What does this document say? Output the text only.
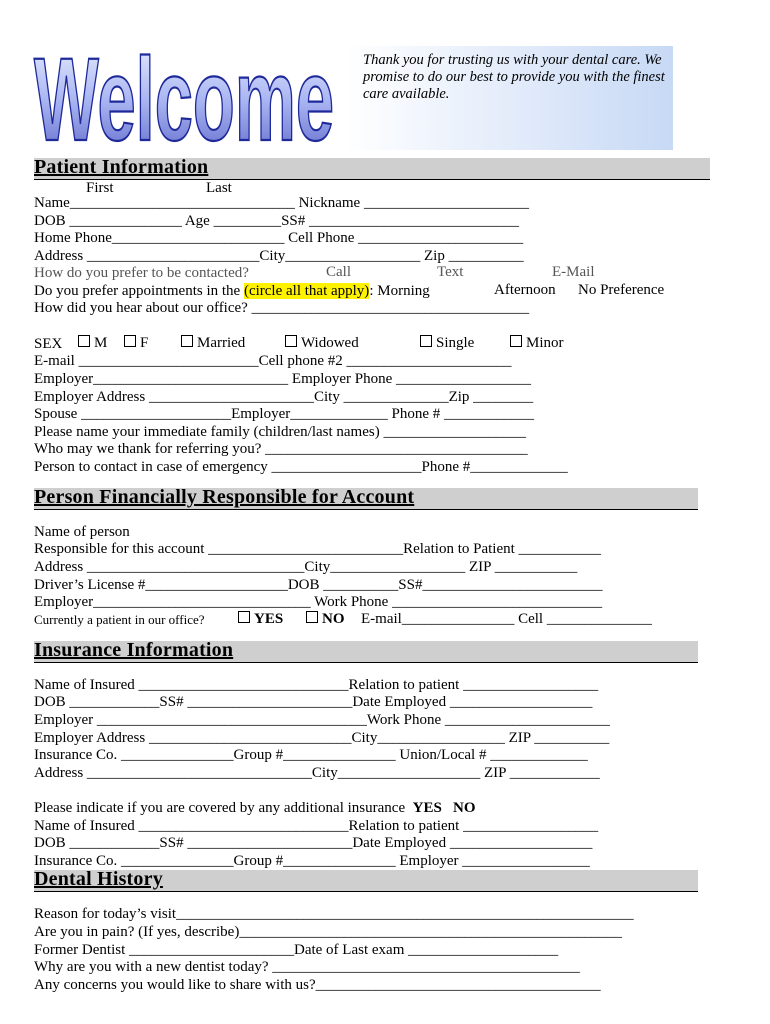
Welcome	Thank you for trusting us with your dental care. We promise to do our best to provide you with the finest care available.
Patient Information
First	Last
Name______________________________ Nickname ______________________
DOB _______________ Age _________SS# ____________________________
Home Phone_______________________ Cell Phone ______________________
Address _______________________City__________________ Zip __________
How do you prefer to be contacted?	Call	Text	E-Mail
Do you prefer appointments in the (circle all that apply): Morning	Afternoon No Preference
How did you hear about our office? _____________________________________
SEX	M	F	Married	Widowed	Single	Minor
E-mail ________________________Cell phone #2 ______________________
Employer__________________________ Employer Phone __________________
Employer Address ______________________City ______________Zip ________
Spouse ____________________Employer_____________ Phone # ____________
Please name your immediate family (children/last names) ___________________
Who may we thank for referring you? ___________________________________
Person to contact in case of emergency ____________________Phone #_____________
Person Financially Responsible for Account
Name of person
Responsible for this account __________________________Relation to Patient ___________
Address _____________________________City__________________ ZIP ___________
Driver’s License #___________________DOB __________SS#________________________
Employer_____________________________ Work Phone ____________________________
Currently a patient in our office?	YES	NO E-mail_______________ Cell ______________
Insurance Information
Name of Insured ____________________________Relation to patient __________________
DOB ____________SS# ______________________Date Employed ___________________
Employer ____________________________________Work Phone ______________________
Employer Address ___________________________City_________________ ZIP __________
Insurance Co. _______________Group #_______________ Union/Local # _____________
Address ______________________________City___________________ ZIP ____________
Please indicate if you are covered by any additional insurance YES NO
Name of Insured ____________________________Relation to patient __________________
DOB ____________SS# ______________________Date Employed ___________________
Insurance Co. _______________Group #_______________ Employer _________________
Dental History
Reason for today’s visit_____________________________________________________________
Are you in pain? (If yes, describe)___________________________________________________
Former Dentist ______________________Date of Last exam ____________________
Why are you with a new dentist today? _________________________________________
Any concerns you would like to share with us?______________________________________
